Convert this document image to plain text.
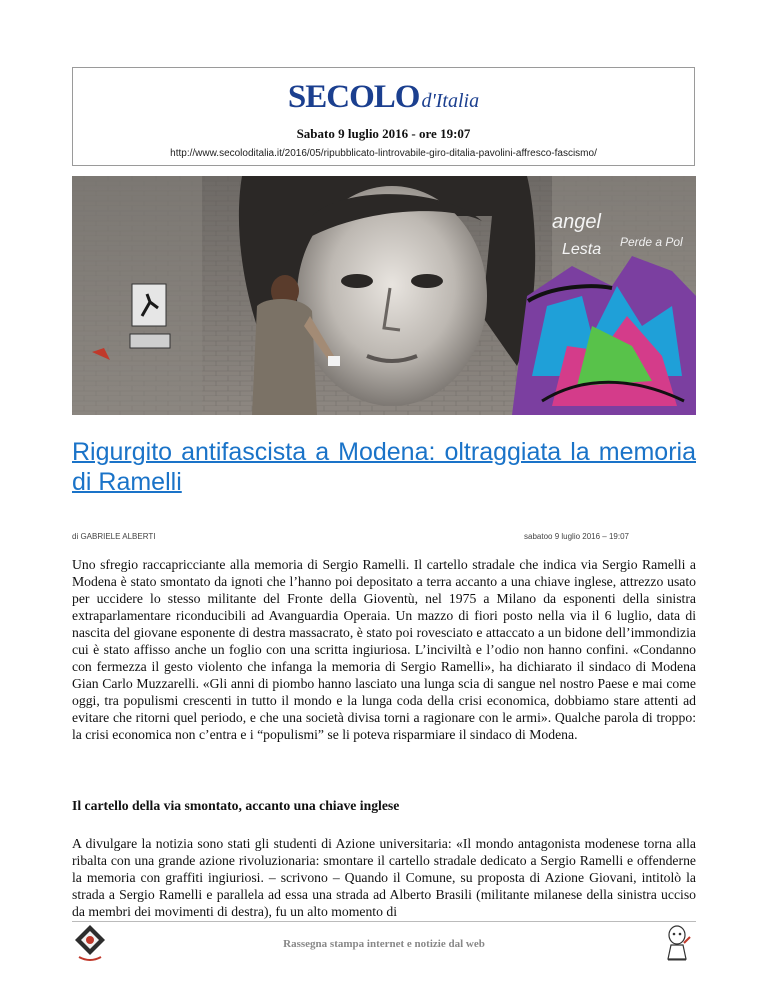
SECOLO d'Italia
Sabato 9 luglio 2016 - ore 19:07
http://www.secoloditalia.it/2016/05/ripubblicato-lintrovabile-giro-ditalia-pavolini-affresco-fascismo/
angel
Lesta Perde a Pol
Rigurgito antifascista a Modena: oltraggiata la memoria di Ramelli
di GABRIELE ALBERTI	sabatoo 9 luglio 2016 – 19:07

Uno sfregio raccapricciante alla memoria di Sergio Ramelli. Il cartello stradale che indica via Sergio Ramelli a Modena è stato smontato da ignoti che l’hanno poi depositato a terra accanto a una chiave inglese, attrezzo usato per uccidere lo stesso militante del Fronte della Gioventù, nel 1975 a Milano da esponenti della sinistra extraparlamentare riconducibili ad Avanguardia Operaia. Un mazzo di fiori posto nella via il 6 luglio, data di nascita del giovane esponente di destra massacrato, è stato poi rovesciato e attaccato a un bidone dell’immondizia cui è stato affisso anche un foglio con una scritta ingiuriosa. L’inciviltà e l’odio non hanno confini. «Condanno con fermezza il gesto violento che infanga la memoria di Sergio Ramelli», ha dichiarato il sindaco di Modena Gian Carlo Muzzarelli. «Gli anni di piombo hanno lasciato una lunga scia di sangue nel nostro Paese e mai come oggi, tra populismi crescenti in tutto il mondo e la lunga coda della crisi economica, dobbiamo stare attenti ad evitare che ritorni quel periodo, e che una società divisa torni a ragionare con le armi». Qualche parola di troppo: la crisi economica non c’entra e i “populismi” se li poteva risparmiare il sindaco di Modena.

Il cartello della via smontato, accanto una chiave inglese

A divulgare la notizia sono stati gli studenti di Azione universitaria: «Il mondo antagonista modenese torna alla ribalta con una grande azione rivoluzionaria: smontare il cartello stradale dedicato a Sergio Ramelli e offenderne la memoria con graffiti ingiuriosi. – scrivono – Quando il Comune, su proposta di Azione Giovani, intitolò la strada a Sergio Ramelli e parallela ad essa una strada ad Alberto Brasili (militante milanese della sinistra ucciso da membri dei movimenti di destra), fu un alto momento di

Rassegna stampa internet e notizie dal web
